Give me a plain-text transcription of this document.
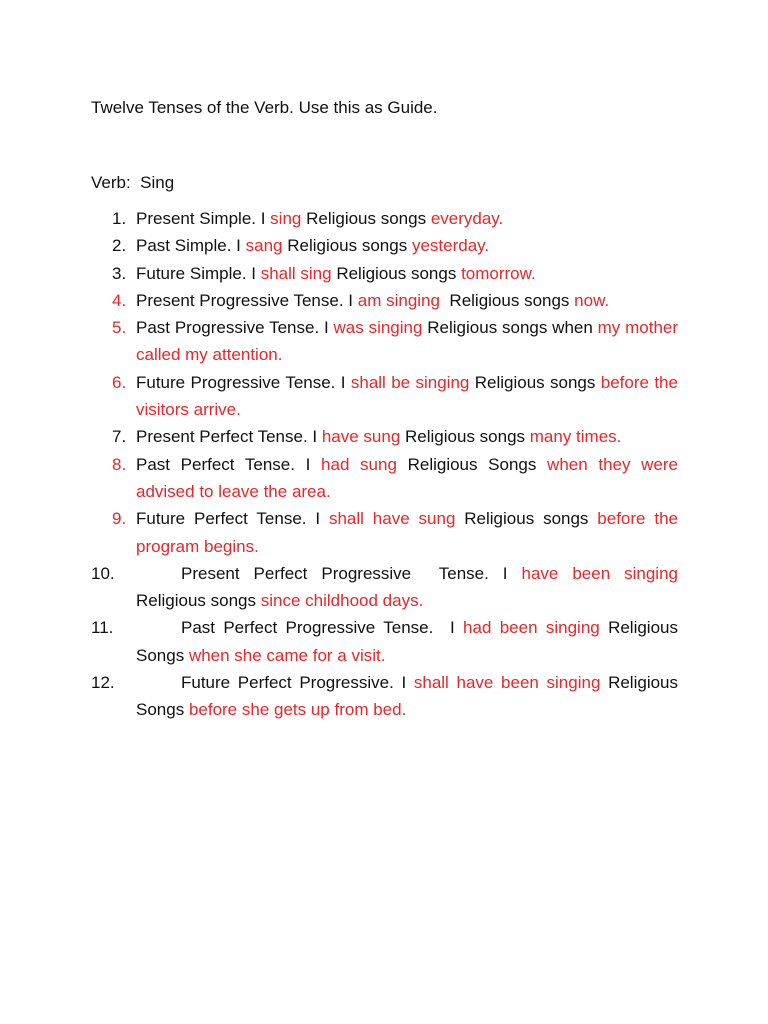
Twelve Tenses of the Verb. Use this as Guide.
Verb:  Sing
1. Present Simple. I sing Religious songs everyday.
2. Past Simple. I sang Religious songs yesterday.
3. Future Simple. I shall sing Religious songs tomorrow.
4. Present Progressive Tense. I am singing  Religious songs now.
5. Past Progressive Tense. I was singing Religious songs when my mother called my attention.
6. Future Progressive Tense. I shall be singing Religious songs before the visitors arrive.
7. Present Perfect Tense. I have sung Religious songs many times.
8. Past Perfect Tense. I had sung Religious Songs when they were advised to leave the area.
9. Future Perfect Tense. I shall have sung Religious songs before the program begins.
10.	Present Perfect Progressive  Tense. I have been singing Religious songs since childhood days.
11.	Past Perfect Progressive Tense.  I had been singing Religious Songs when she came for a visit.
12.	Future Perfect Progressive. I shall have been singing Religious Songs before she gets up from bed.
